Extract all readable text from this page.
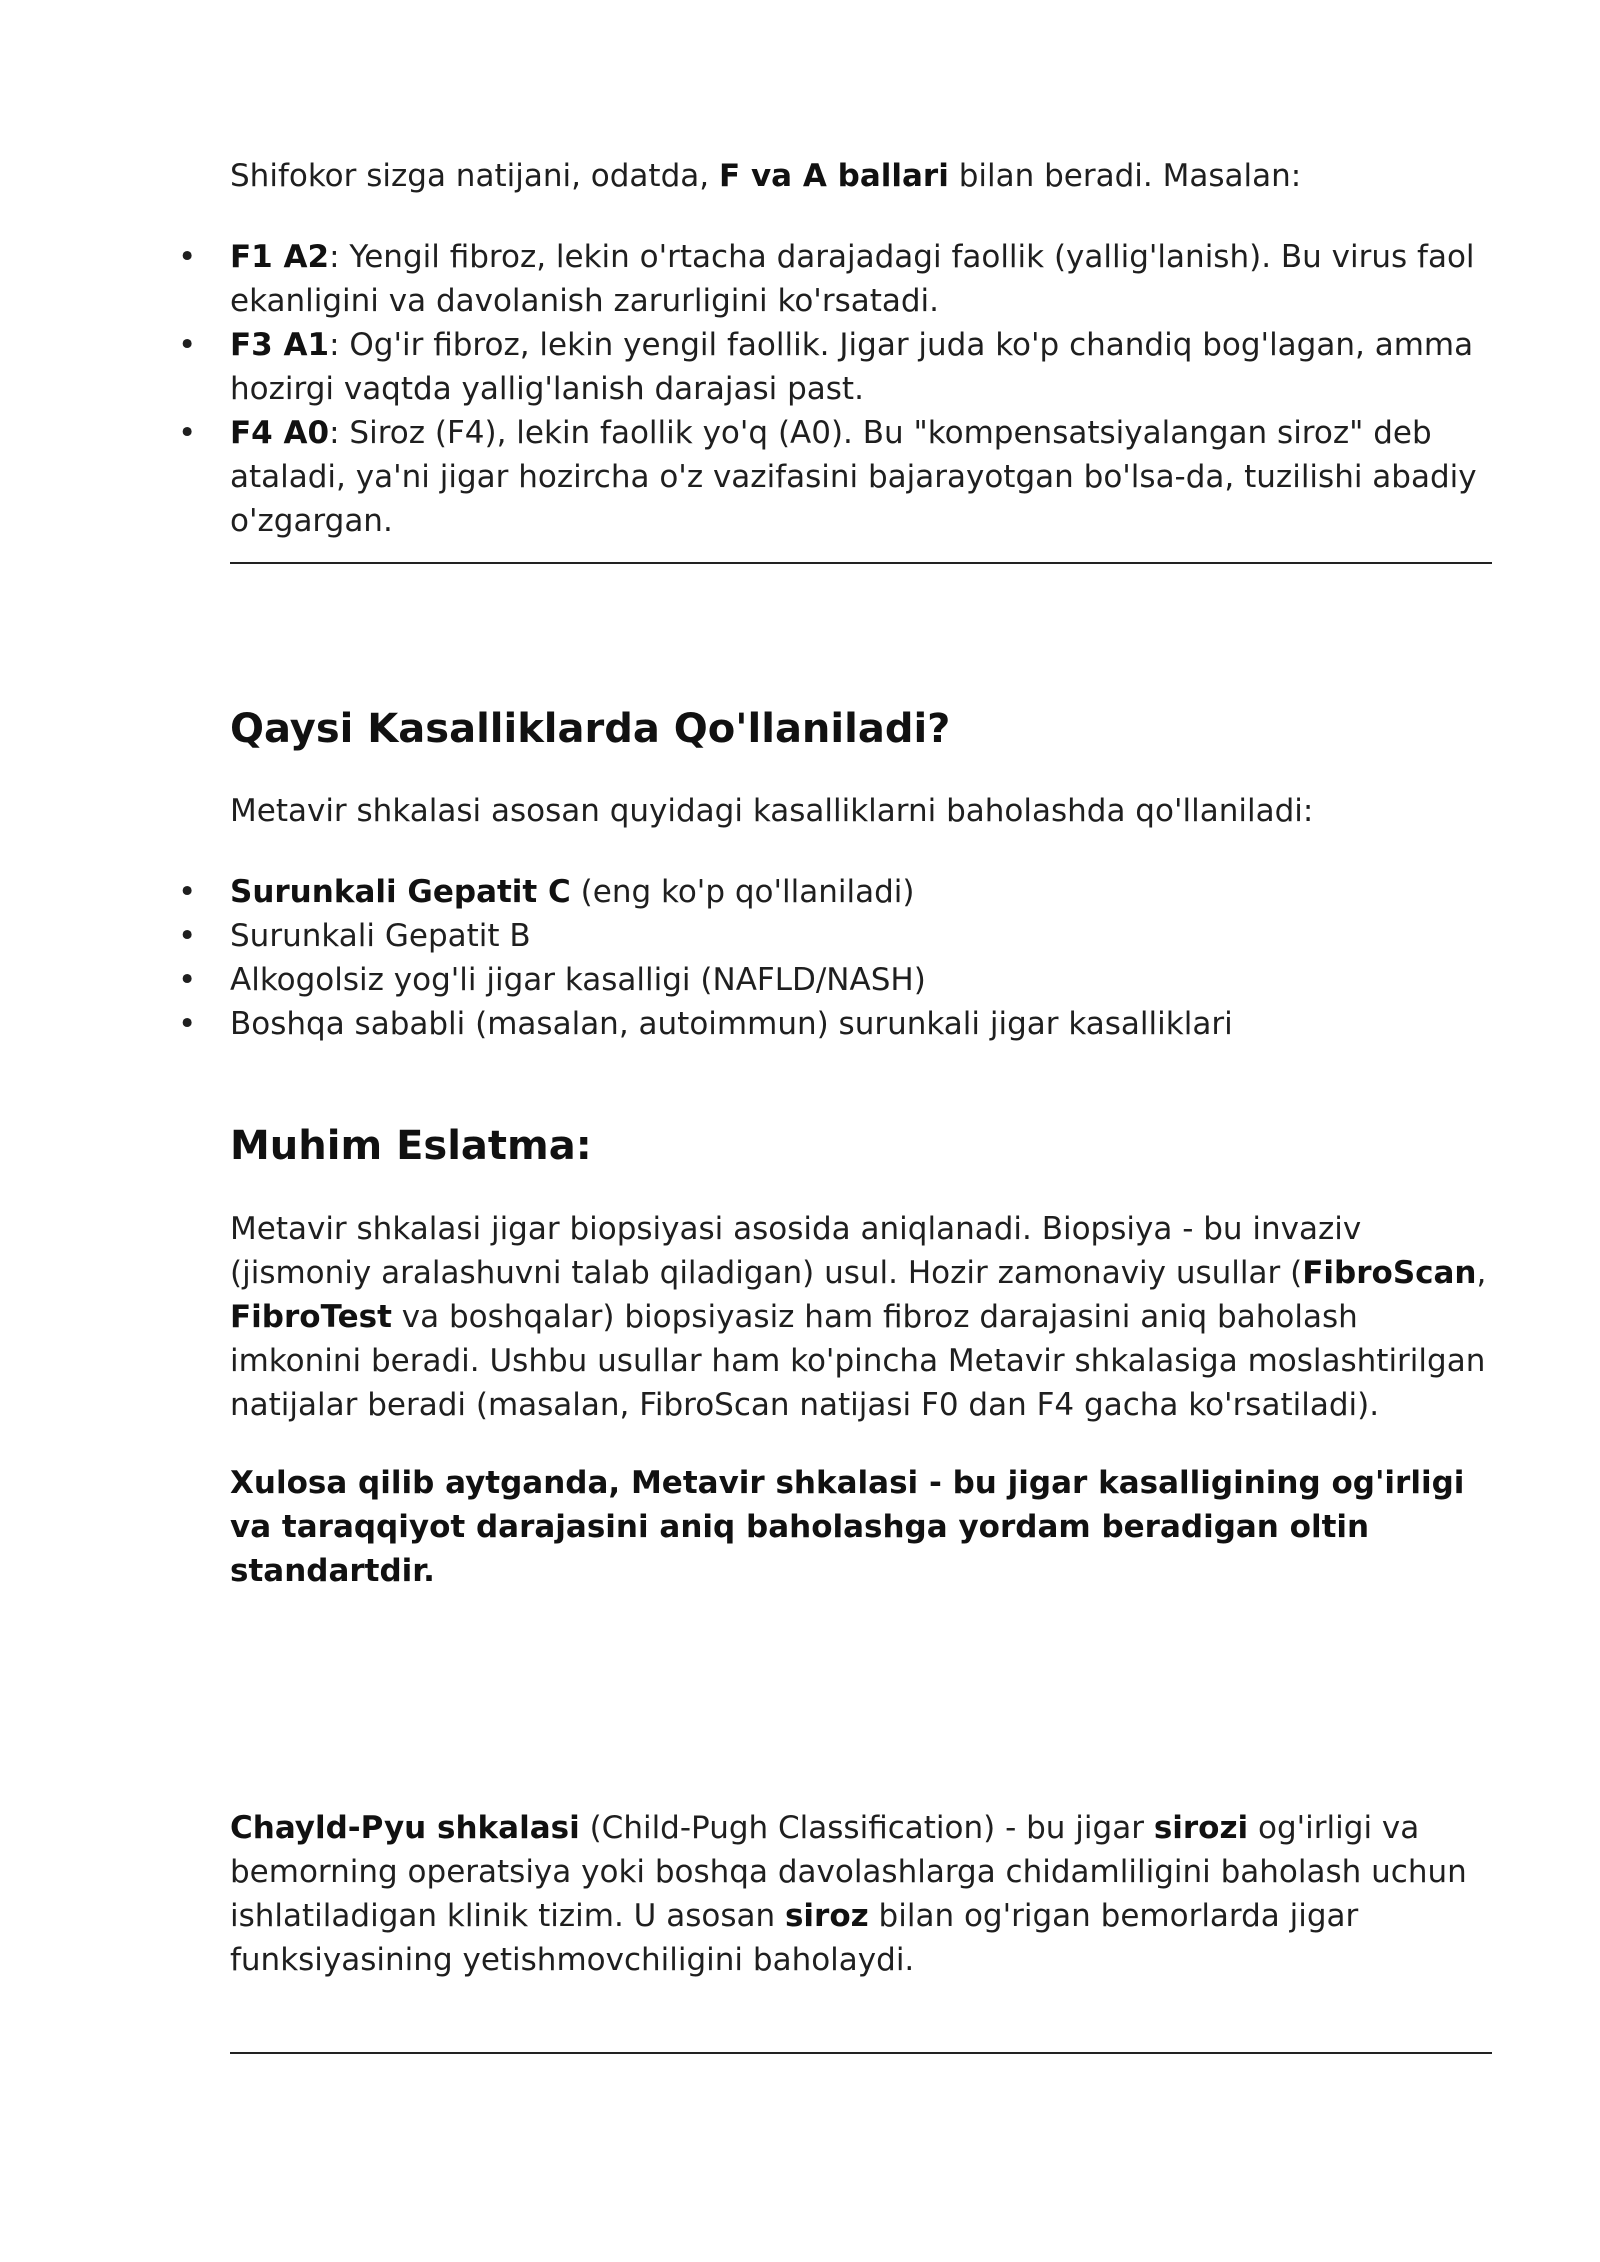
Shifokor sizga natijani, odatda, F va A ballari bilan beradi. Masalan:

• F1 A2: Yengil fibroz, lekin o'rtacha darajadagi faollik (yallig'lanish). Bu virus faol ekanligini va davolanish zarurligini ko'rsatadi.
• F3 A1: Og'ir fibroz, lekin yengil faollik. Jigar juda ko'p chandiq bog'lagan, amma hozirgi vaqtda yallig'lanish darajasi past.
• F4 A0: Siroz (F4), lekin faollik yo'q (A0). Bu "kompensatsiyalangan siroz" deb ataladi, ya'ni jigar hozircha o'z vazifasini bajarayotgan bo'lsa-da, tuzilishi abadiy o'zgargan.
Qaysi Kasalliklarda Qo'llaniladi?

Metavir shkalasi asosan quyidagi kasalliklarni baholashda qo'llaniladi:

• Surunkali Gepatit C (eng ko'p qo'llaniladi)
• Surunkali Gepatit B
• Alkogolsiz yog'li jigar kasalligi (NAFLD/NASH)
• Boshqa sababli (masalan, autoimmun) surunkali jigar kasalliklari
Muhim Eslatma:

Metavir shkalasi jigar biopsiyasi asosida aniqlanadi. Biopsiya - bu invaziv (jismoniy aralashuvni talab qiladigan) usul. Hozir zamonaviy usullar (FibroScan, FibroTest va boshqalar) biopsiyasiz ham fibroz darajasini aniq baholash imkonini beradi. Ushbu usullar ham ko'pincha Metavir shkalasiga moslashtirilgan natijalar beradi (masalan, FibroScan natijasi F0 dan F4 gacha ko'rsatiladi).

Xulosa qilib aytganda, Metavir shkalasi - bu jigar kasalligining og'irligi va taraqqiyot darajasini aniq baholashga yordam beradigan oltin standartdir.

Chayld-Pyu shkalasi (Child-Pugh Classification) - bu jigar sirozi og'irligi va bemorning operatsiya yoki boshqa davolashlarga chidamliligini baholash uchun ishlatiladigan klinik tizim. U asosan siroz bilan og'rigan bemorlarda jigar funksiyasining yetishmovchiligini baholaydi.
